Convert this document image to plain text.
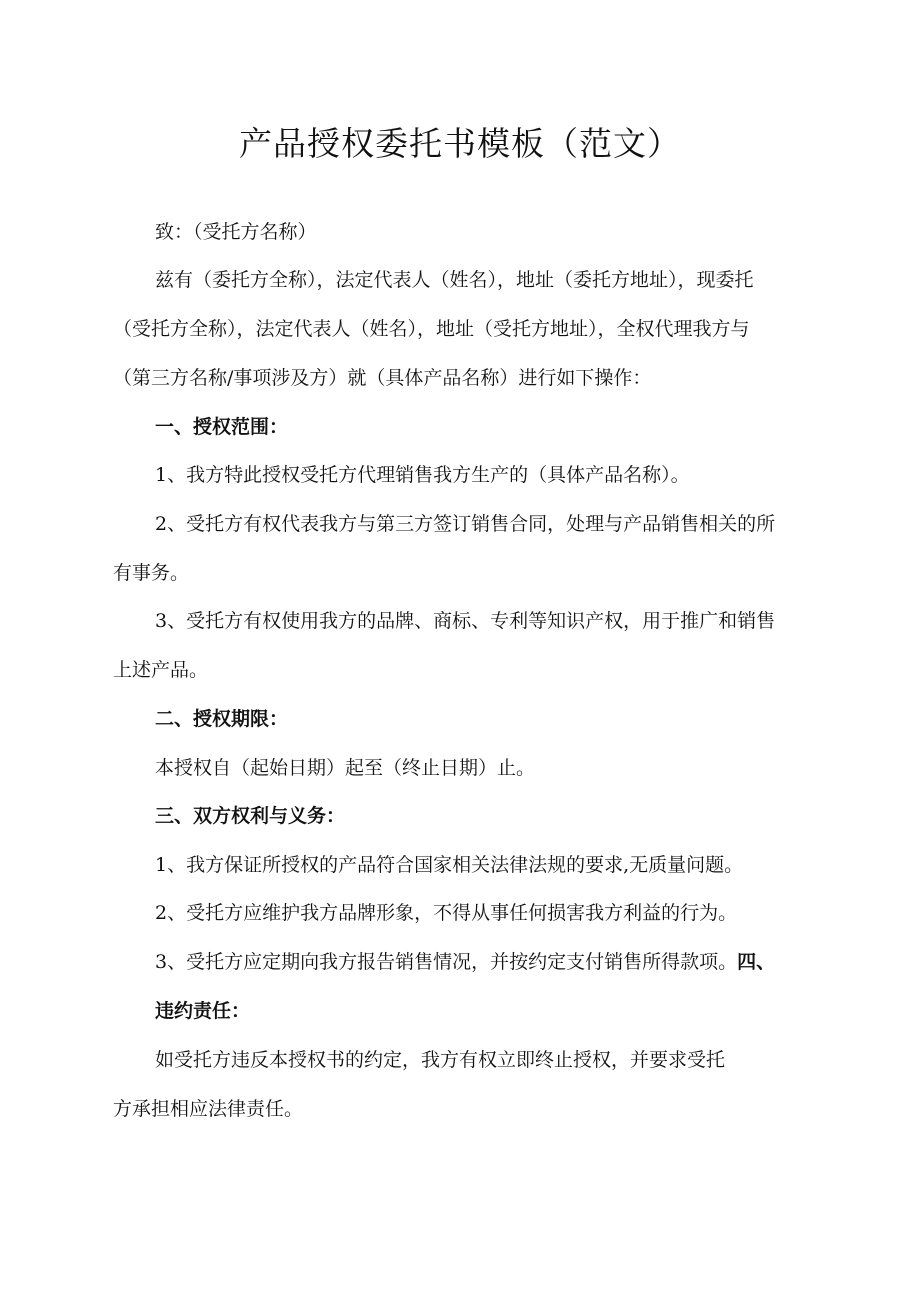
产品授权委托书模板（范文）

致：（受托方名称）

兹有（委托方全称），法定代表人（姓名），地址（委托方地址），现委托

（受托方全称），法定代表人（姓名），地址（受托方地址），全权代理我方与

（第三方名称/事项涉及方）就（具体产品名称）进行如下操作：

一、授权范围：

1、我方特此授权受托方代理销售我方生产的（具体产品名称）。

2、受托方有权代表我方与第三方签订销售合同，处理与产品销售相关的所

有事务。

3、受托方有权使用我方的品牌、商标、专利等知识产权，用于推广和销售

上述产品。

二、授权期限：

本授权自（起始日期）起至（终止日期）止。

三、双方权利与义务：

1、我方保证所授权的产品符合国家相关法律法规的要求,无质量问题。

2、受托方应维护我方品牌形象，不得从事任何损害我方利益的行为。

3、受托方应定期向我方报告销售情况，并按约定支付销售所得款项。四、

违约责任：

如受托方违反本授权书的约定，我方有权立即终止授权，并要求受托

方承担相应法律责任。
